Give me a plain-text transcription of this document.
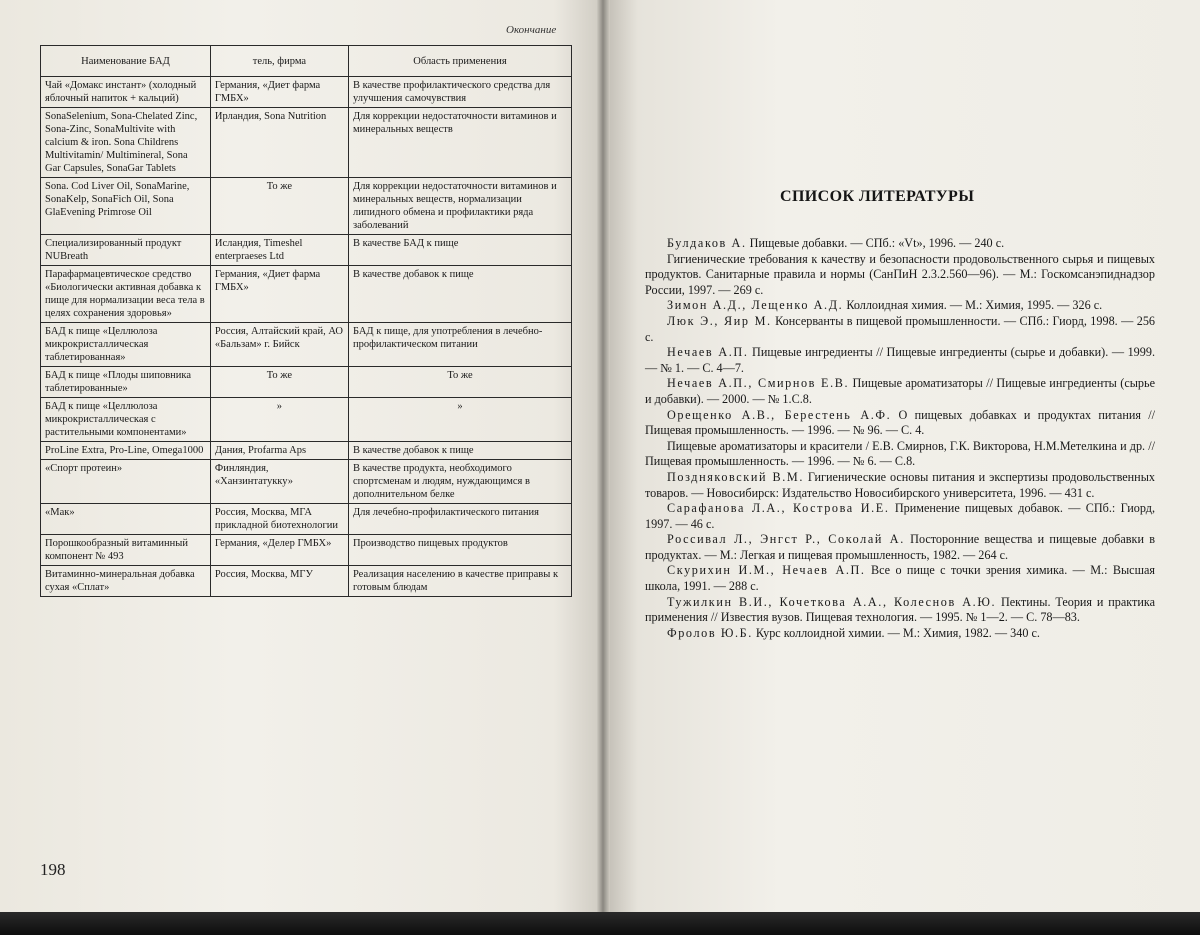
Окончание
Наименование БАД	тель, фирма	Область применения
Чай «Домакс инстант» (холодный яблочный напиток + кальций)	Германия, «Диет фарма ГМБХ»	В качестве профилактического средства для улучшения самочувствия
SonaSelenium, Sona-Chelated Zinc, Sona-Zinc, SonaMultivite with calcium & iron. Sona Childrens Multivitamin/ Multimineral, Sona Gar Capsules, SonaGar Tablets	Ирландия, Sona Nutrition	Для коррекции недостаточности витаминов и минеральных веществ
Sona. Cod Liver Oil, SonaMarine, SonaKelp, SonaFich Oil, Sona GlaEvening Primrose Oil	То же	Для коррекции недостаточности витаминов и минеральных веществ, нормализации липидного обмена и профилактики ряда заболеваний
Специализированный продукт NUBreath	Исландия, Timeshel enterpraeses Ltd	В качестве БАД к пище
Парафармацевтическое средство «Биологически активная добавка к пище для нормализации веса тела в целях сохранения здоровья»	Германия, «Диет фарма ГМБХ»	В качестве добавок к пище
БАД к пище «Целлюлоза микрокристаллическая таблетированная»	Россия, Алтайский край, АО «Бальзам» г. Бийск	БАД к пище, для употребления в лечебно-профилактическом питании
БАД к пище «Плоды шиповника таблетированные»	То же	То же
БАД к пище «Целлюлоза микрокристаллическая с растительными компонентами»	»	»
ProLine Extra, Pro-Line, Omega1000	Дания, Profarma Aps	В качестве добавок к пище
«Спорт протеин»	Финляндия, «Ханзинтатукку»	В качестве продукта, необходимого спортсменам и людям, нуждающимся в дополнительном белке
«Мак»	Россия, Москва, МГА прикладной биотехнологии	Для лечебно-профилактического питания
Порошкообразный витаминный компонент № 493	Германия, «Делер ГМБХ»	Производство пищевых продуктов
Витаминно-минеральная добавка сухая «Сплат»	Россия, Москва, МГУ	Реализация населению в качестве приправы к готовым блюдам
198
СПИСОК ЛИТЕРАТУРЫ

Булдаков А. Пищевые добавки. — СПб.: «Vt», 1996. — 240 с.

Гигиенические требования к качеству и безопасности продовольственного сырья и пищевых продуктов. Санитарные правила и нормы (СанПиН 2.3.2.560—96). — М.: Госкомсанэпиднадзор России, 1997. — 269 с.

Зимон А.Д., Лещенко А.Д. Коллоидная химия. — М.: Химия, 1995. — 326 с.

Люк Э., Яир М. Консерванты в пищевой промышленности. — СПб.: Гиорд, 1998. — 256 с.

Нечаев А.П. Пищевые ингредиенты // Пищевые ингредиенты (сырье и добавки). — 1999. — № 1. — С. 4—7.

Нечаев А.П., Смирнов Е.В. Пищевые ароматизаторы // Пищевые ингредиенты (сырье и добавки). — 2000. — № 1.С.8.

Орещенко А.В., Берестень А.Ф. О пищевых добавках и продуктах питания // Пищевая промышленность. — 1996. — № 96. — С. 4.

Пищевые ароматизаторы и красители / Е.В. Смирнов, Г.К. Викторова, Н.М.Метелкина и др. // Пищевая промышленность. — 1996. — № 6. — С.8.

Поздняковский В.М. Гигиенические основы питания и экспертизы продовольственных товаров. — Новосибирск: Издательство Новосибирского университета, 1996. — 431 с.

Сарафанова Л.А., Кострова И.Е. Применение пищевых добавок. — СПб.: Гиорд, 1997. — 46 с.

Россивал Л., Энгст Р., Соколай А. Посторонние вещества и пищевые добавки в продуктах. — М.: Легкая и пищевая промышленность, 1982. — 264 с.

Скурихин И.М., Нечаев А.П. Все о пище с точки зрения химика. — М.: Высшая школа, 1991. — 288 с.

Тужилкин В.И., Кочеткова А.А., Колеснов А.Ю. Пектины. Теория и практика применения // Известия вузов. Пищевая технология. — 1995. № 1—2. — С. 78—83.

Фролов Ю.Б. Курс коллоидной химии. — М.: Химия, 1982. — 340 с.
